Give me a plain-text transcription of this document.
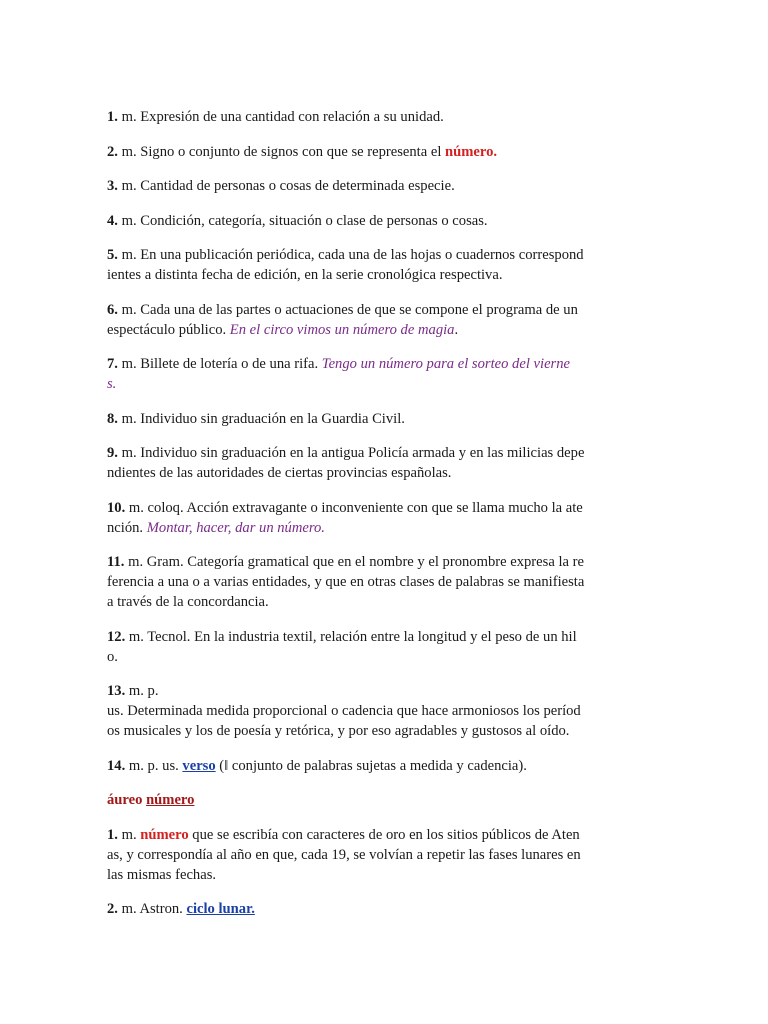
1. m. Expresión de una cantidad con relación a su unidad.

2. m. Signo o conjunto de signos con que se representa el número.

3. m. Cantidad de personas o cosas de determinada especie.

4. m. Condición, categoría, situación o clase de personas o cosas.

5. m. En una publicación periódica, cada una de las hojas o cuadernos correspond
ientes a distinta fecha de edición, en la serie cronológica respectiva.

6. m. Cada una de las partes o actuaciones de que se compone el programa de un
espectáculo público. En el circo vimos un número de magia.

7. m. Billete de lotería o de una rifa. Tengo un número para el sorteo del vierne
s.

8. m. Individuo sin graduación en la Guardia Civil.

9. m. Individuo sin graduación en la antigua Policía armada y en las milicias depe
ndientes de las autoridades de ciertas provincias españolas.

10. m. coloq. Acción extravagante o inconveniente con que se llama mucho la ate
nción. Montar, hacer, dar un número.

11. m. Gram. Categoría gramatical que en el nombre y el pronombre expresa la re
ferencia a una o a varias entidades, y que en otras clases de palabras se manifiesta
a través de la concordancia.

12. m. Tecnol. En la industria textil, relación entre la longitud y el peso de un hil
o.

13. m. p.
us. Determinada medida proporcional o cadencia que hace armoniosos los períod
os musicales y los de poesía y retórica, y por eso agradables y gustosos al oído.

14. m. p. us. verso (ǁ conjunto de palabras sujetas a medida y cadencia).

áureo número

1. m. número que se escribía con caracteres de oro en los sitios públicos de Aten
as, y correspondía al año en que, cada 19, se volvían a repetir las fases lunares en
las mismas fechas.

2. m. Astron. ciclo lunar.
